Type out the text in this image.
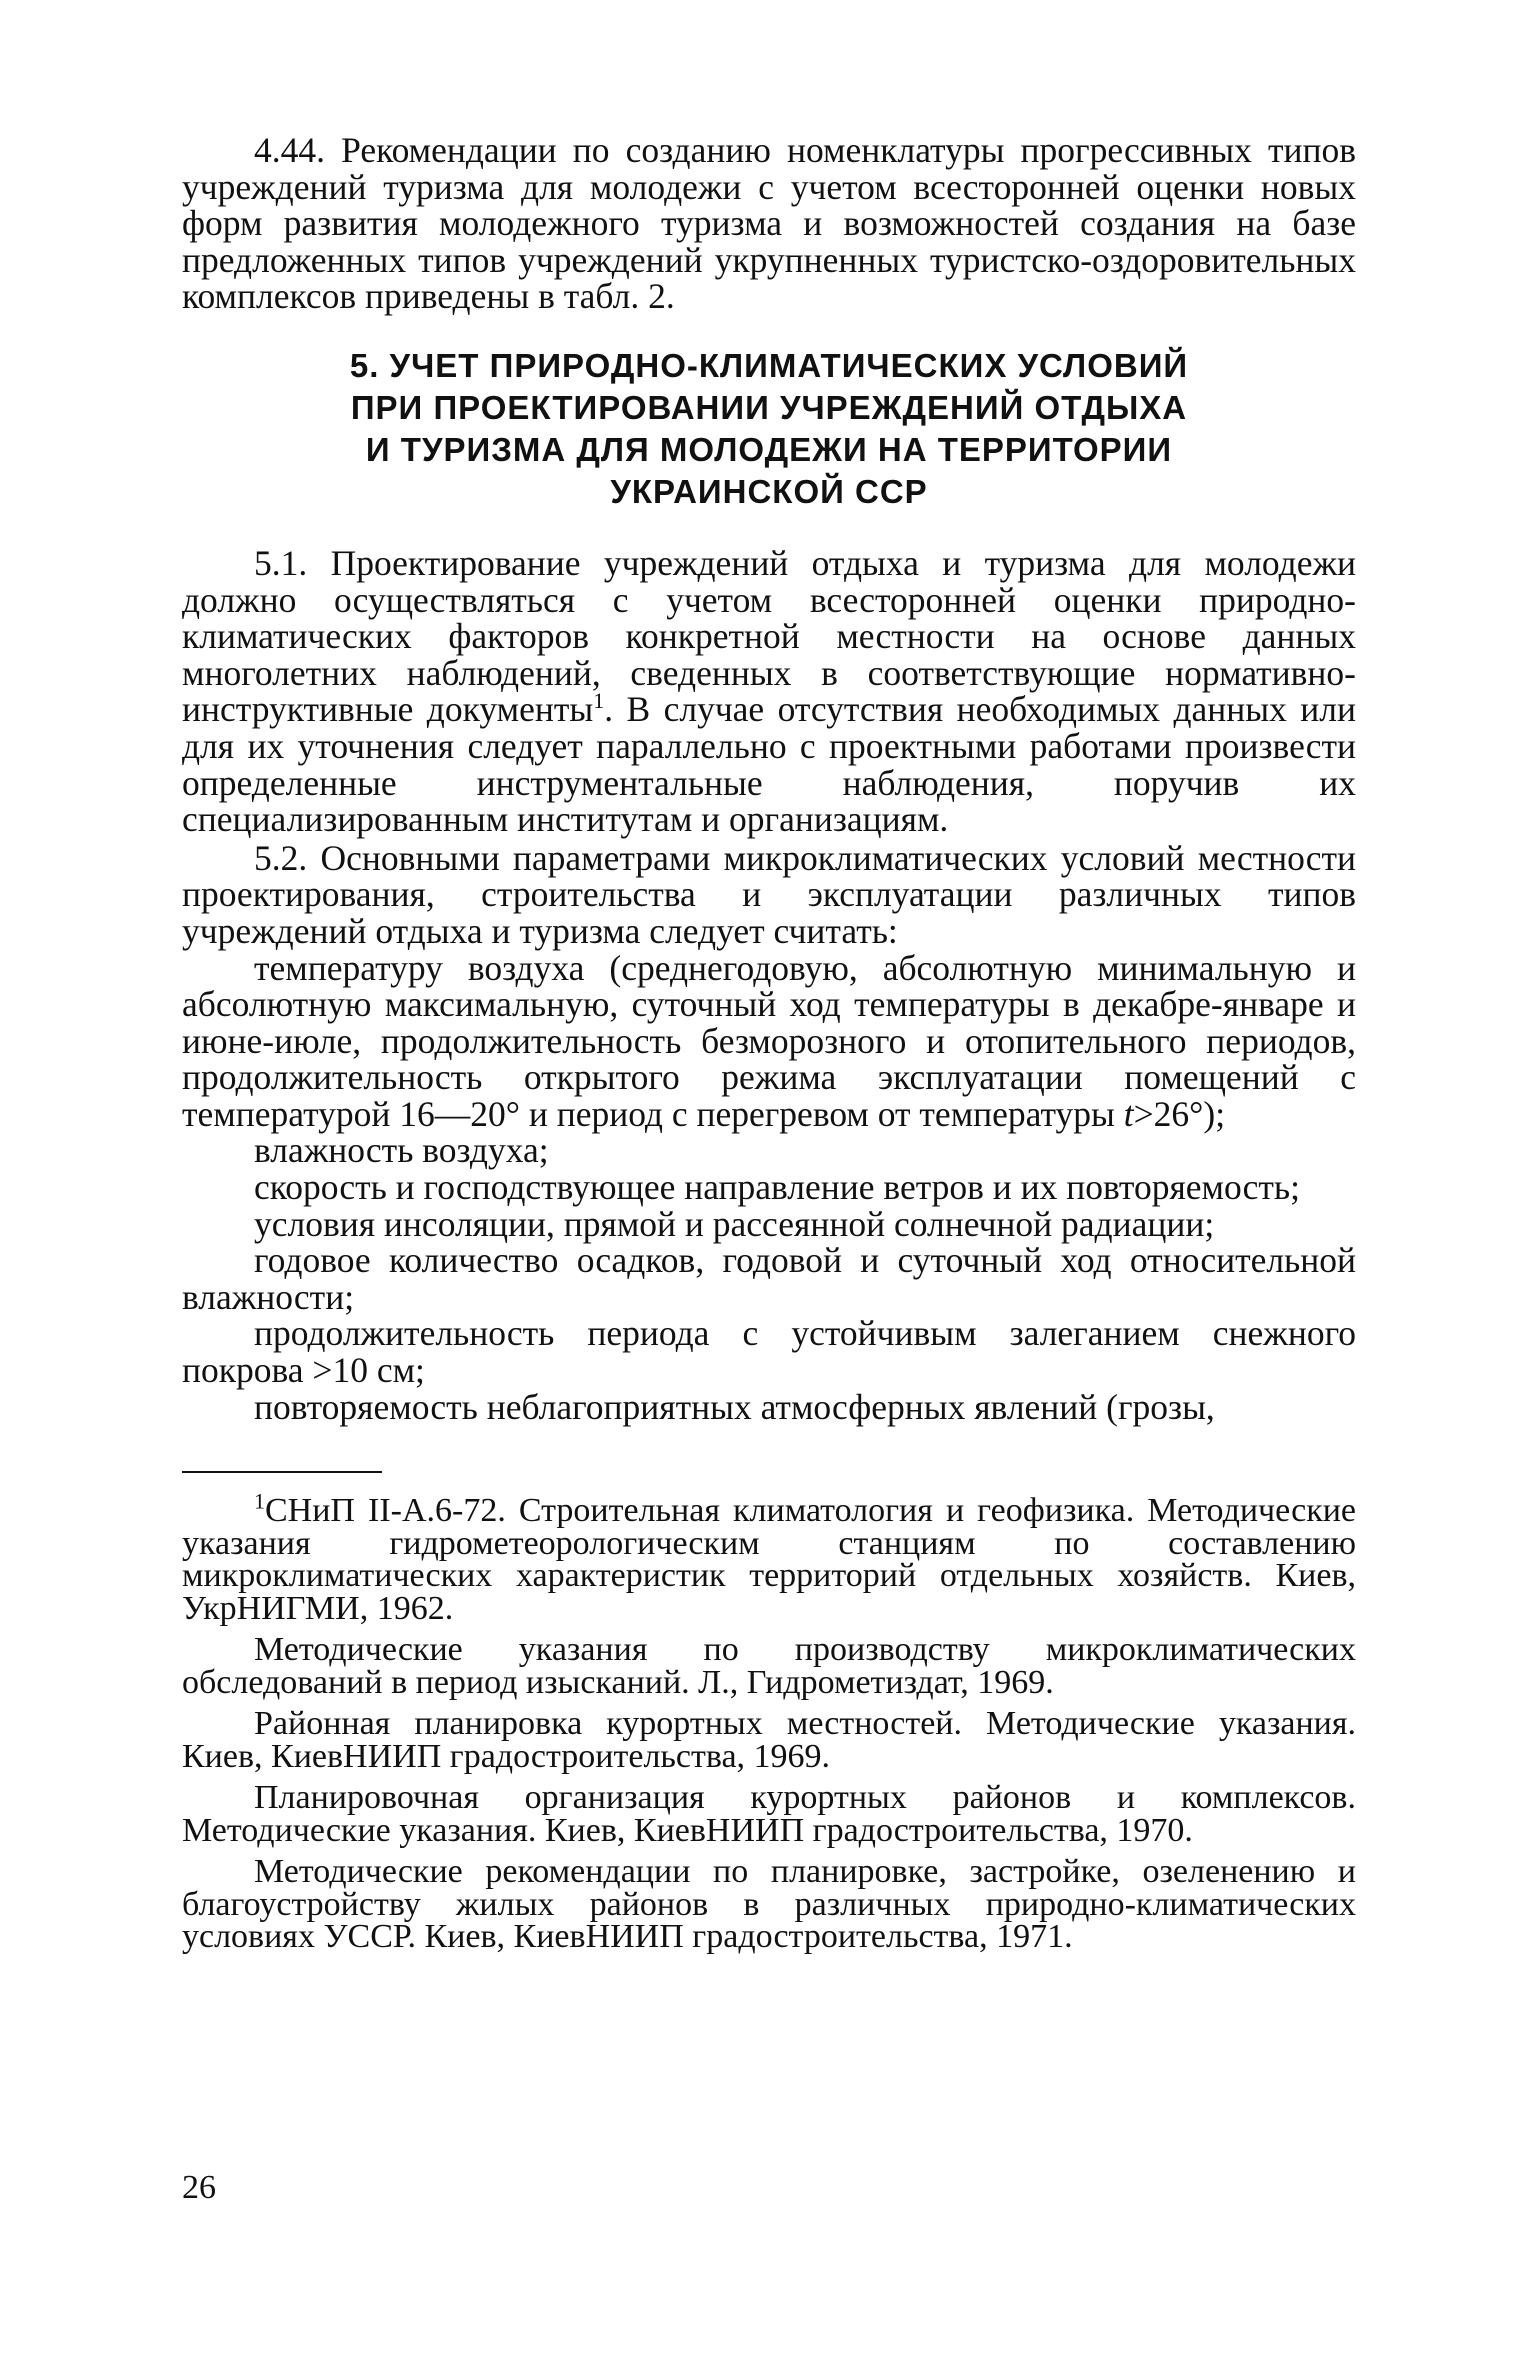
4.44. Рекомендации по созданию номенклатуры прогрессивных типов учреждений туризма для молодежи с учетом всесторонней оценки новых форм развития молодежного туризма и возможностей создания на базе предложенных типов учреждений укрупненных туристско-оздоровительных комплексов приведены в табл. 2.

5. УЧЕТ ПРИРОДНО-КЛИМАТИЧЕСКИХ УСЛОВИЙ
ПРИ ПРОЕКТИРОВАНИИ УЧРЕЖДЕНИЙ ОТДЫХА
И ТУРИЗМА ДЛЯ МОЛОДЕЖИ НА ТЕРРИТОРИИ
УКРАИНСКОЙ ССР

5.1. Проектирование учреждений отдыха и туризма для молодежи должно осуществляться с учетом всесторонней оценки природно-климатических факторов конкретной местности на основе данных многолетних наблюдений, сведенных в соответствующие нормативно-инструктивные документы$^1$. В случае отсутствия необходимых данных или для их уточнения следует параллельно с проектными работами произвести определенные инструментальные наблюдения, поручив их специализированным институтам и организациям.

5.2. Основными параметрами микроклиматических условий местности проектирования, строительства и эксплуатации различных типов учреждений отдыха и туризма следует считать:

температуру воздуха (среднегодовую, абсолютную минимальную и абсолютную максимальную, суточный ход температуры в декабре-январе и июне-июле, продолжительность безморозного и отопительного периодов, продолжительность открытого режима эксплуатации помещений с температурой 16—20° и период с перегревом от температуры t>26°);

влажность воздуха;

скорость и господствующее направление ветров и их повторяемость;

условия инсоляции, прямой и рассеянной солнечной радиации;

годовое количество осадков, годовой и суточный ход относительной влажности;

продолжительность периода с устойчивым залеганием снежного покрова >10 см;

повторяемость неблагоприятных атмосферных явлений (грозы,

$^1$СНиП II-А.6-72. Строительная климатология и геофизика. Методические указания гидрометеорологическим станциям по составлению микроклиматических характеристик территорий отдельных хозяйств. Киев, УкрНИГМИ, 1962.

Методические указания по производству микроклиматических обследований в период изысканий. Л., Гидрометиздат, 1969.

Районная планировка курортных местностей. Методические указания. Киев, КиевНИИП градостроительства, 1969.

Планировочная организация курортных районов и комплексов. Методические указания. Киев, КиевНИИП градостроительства, 1970.

Методические рекомендации по планировке, застройке, озеленению и благоустройству жилых районов в различных природно-климатических условиях УССР. Киев, КиевНИИП градостроительства, 1971.

26
